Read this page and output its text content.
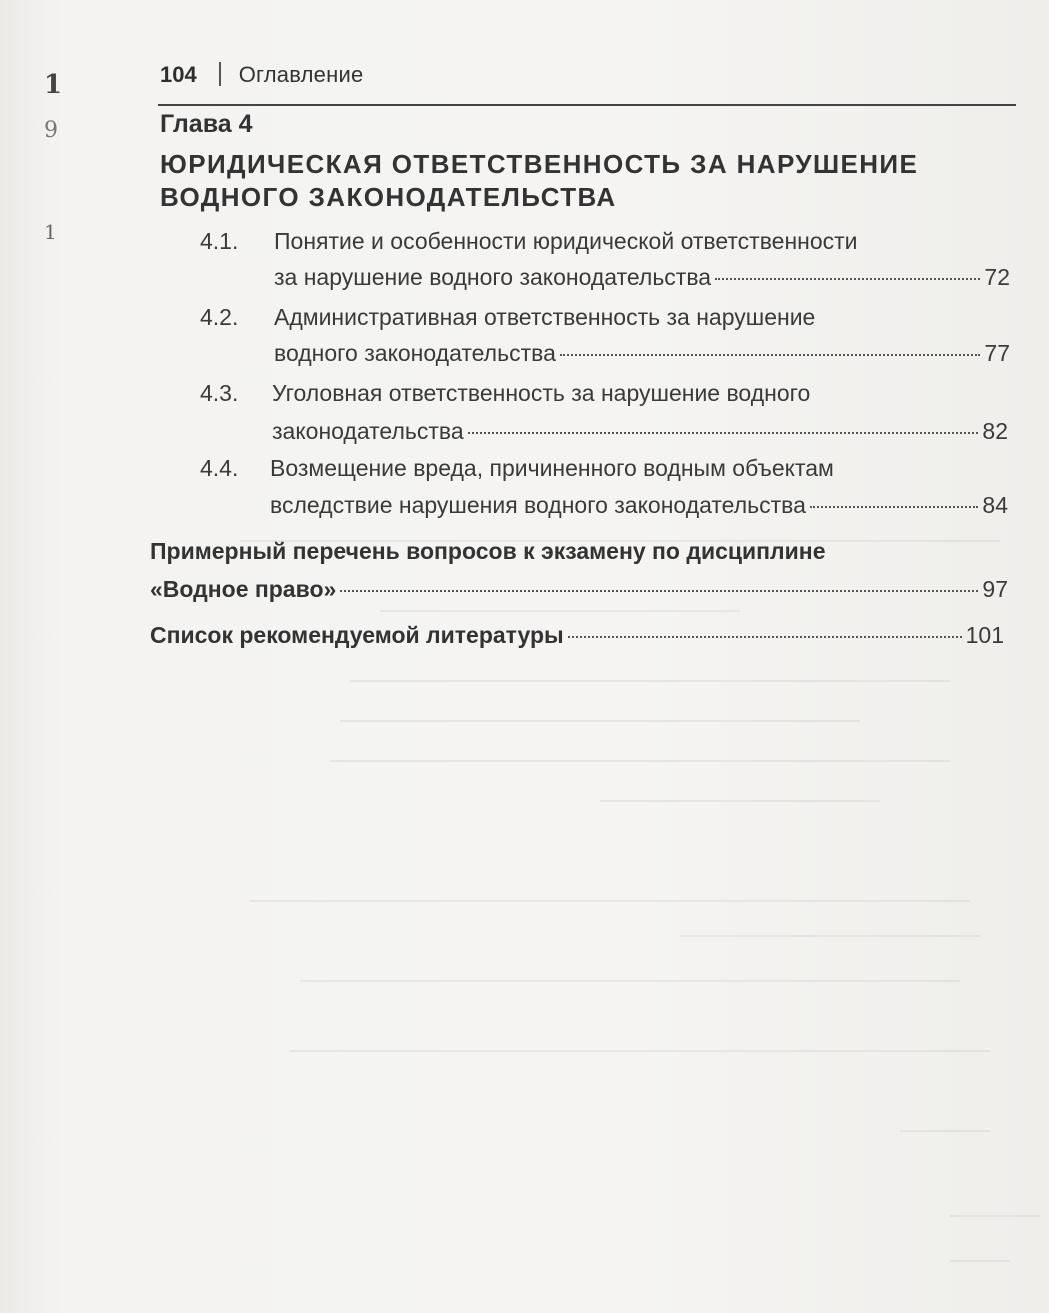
1
9
1
104 Оглавление
Глава 4
ЮРИДИЧЕСКАЯ ОТВЕТСТВЕННОСТЬ ЗА НАРУШЕНИЕ ВОДНОГО ЗАКОНОДАТЕЛЬСТВА
4.1. Понятие и особенности юридической ответственности
за нарушение водного законодательства	72
4.2. Административная ответственность за нарушение
водного законодательства	77
4.3. Уголовная ответственность за нарушение водного
законодательства	82
4.4. Возмещение вреда, причиненного водным объектам
вследствие нарушения водного законодательства	84
Примерный перечень вопросов к экзамену по дисциплине
«Водное право»	97
Список рекомендуемой литературы	101
